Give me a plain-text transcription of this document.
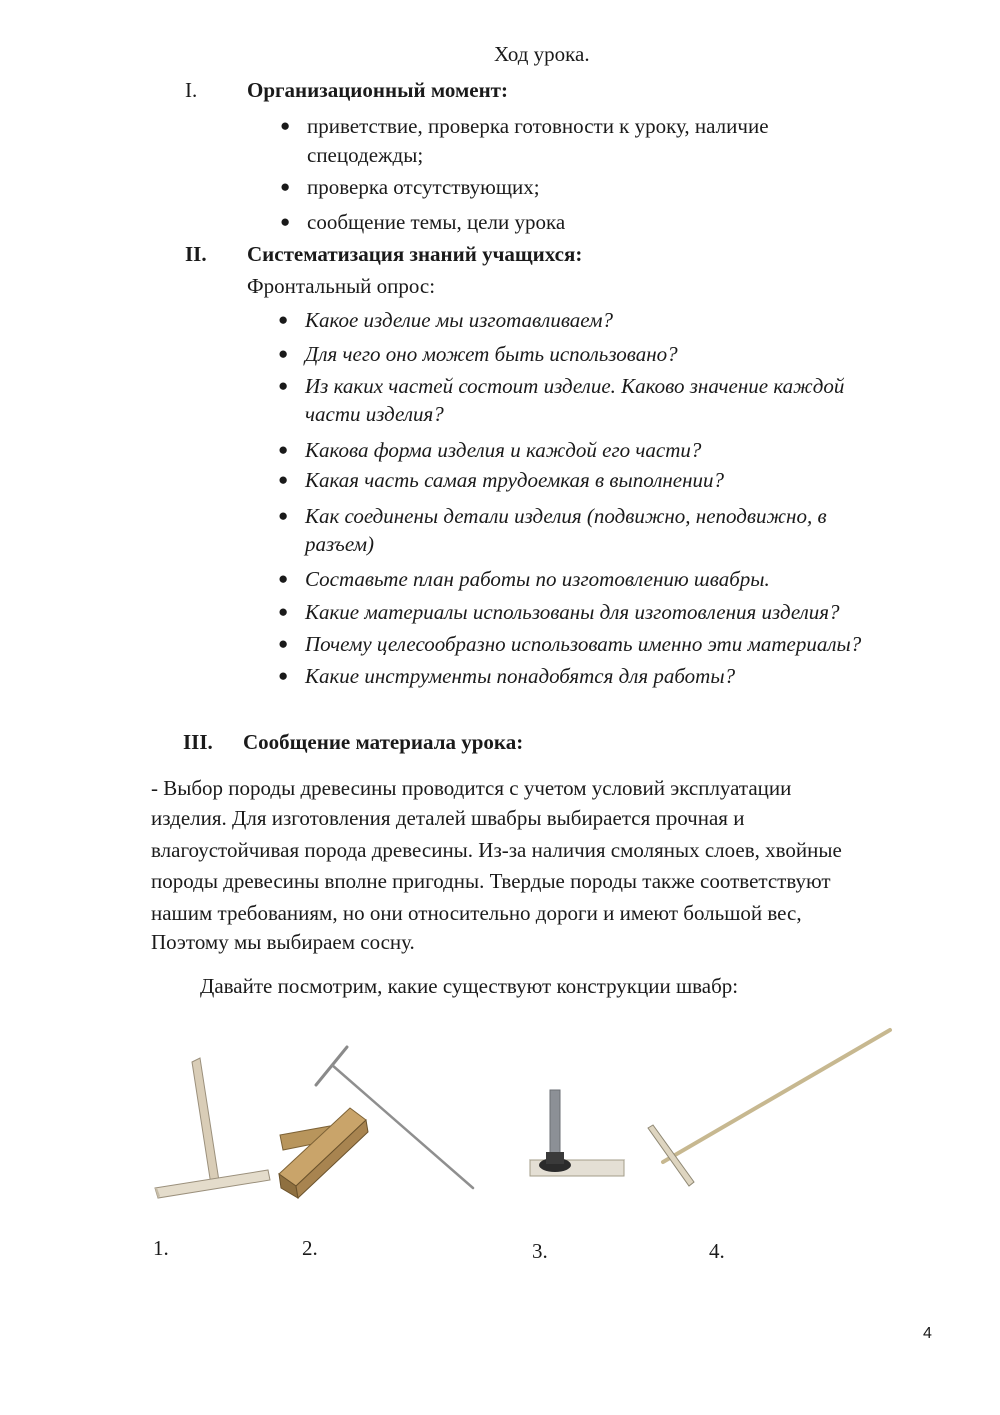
Ход урока.
I. Организационный момент:
● приветствие, проверка готовности к уроку, наличие
спецодежды;
● проверка отсутствующих;
● сообщение темы, цели урока
II. Систематизация знаний учащихся:
Фронтальный опрос:
● Какое изделие мы изготавливаем?
● Для чего оно может быть использовано?
● Из каких частей состоит изделие. Каково значение каждой
части изделия?
● Какова форма изделия и каждой его части?
● Какая часть самая трудоемкая в выполнении?
● Как соединены детали изделия (подвижно, неподвижно, в
разъем)
● Составьте план работы по изготовлению швабры.
● Какие материалы использованы для изготовления изделия?
● Почему целесообразно использовать именно эти материалы?
● Какие инструменты понадобятся для работы?
III. Сообщение материала урока:
- Выбор породы древесины проводится с учетом условий эксплуатации
изделия. Для изготовления деталей швабры выбирается прочная и
влагоустойчивая порода древесины. Из-за наличия смоляных слоев, хвойные
породы древесины вполне пригодны. Твердые породы также соответствуют
нашим требованиям, но они относительно дороги и имеют большой вес,
Поэтому мы выбираем сосну.
Давайте посмотрим, какие существуют конструкции швабр:
1.	2.	3.	4.
4
